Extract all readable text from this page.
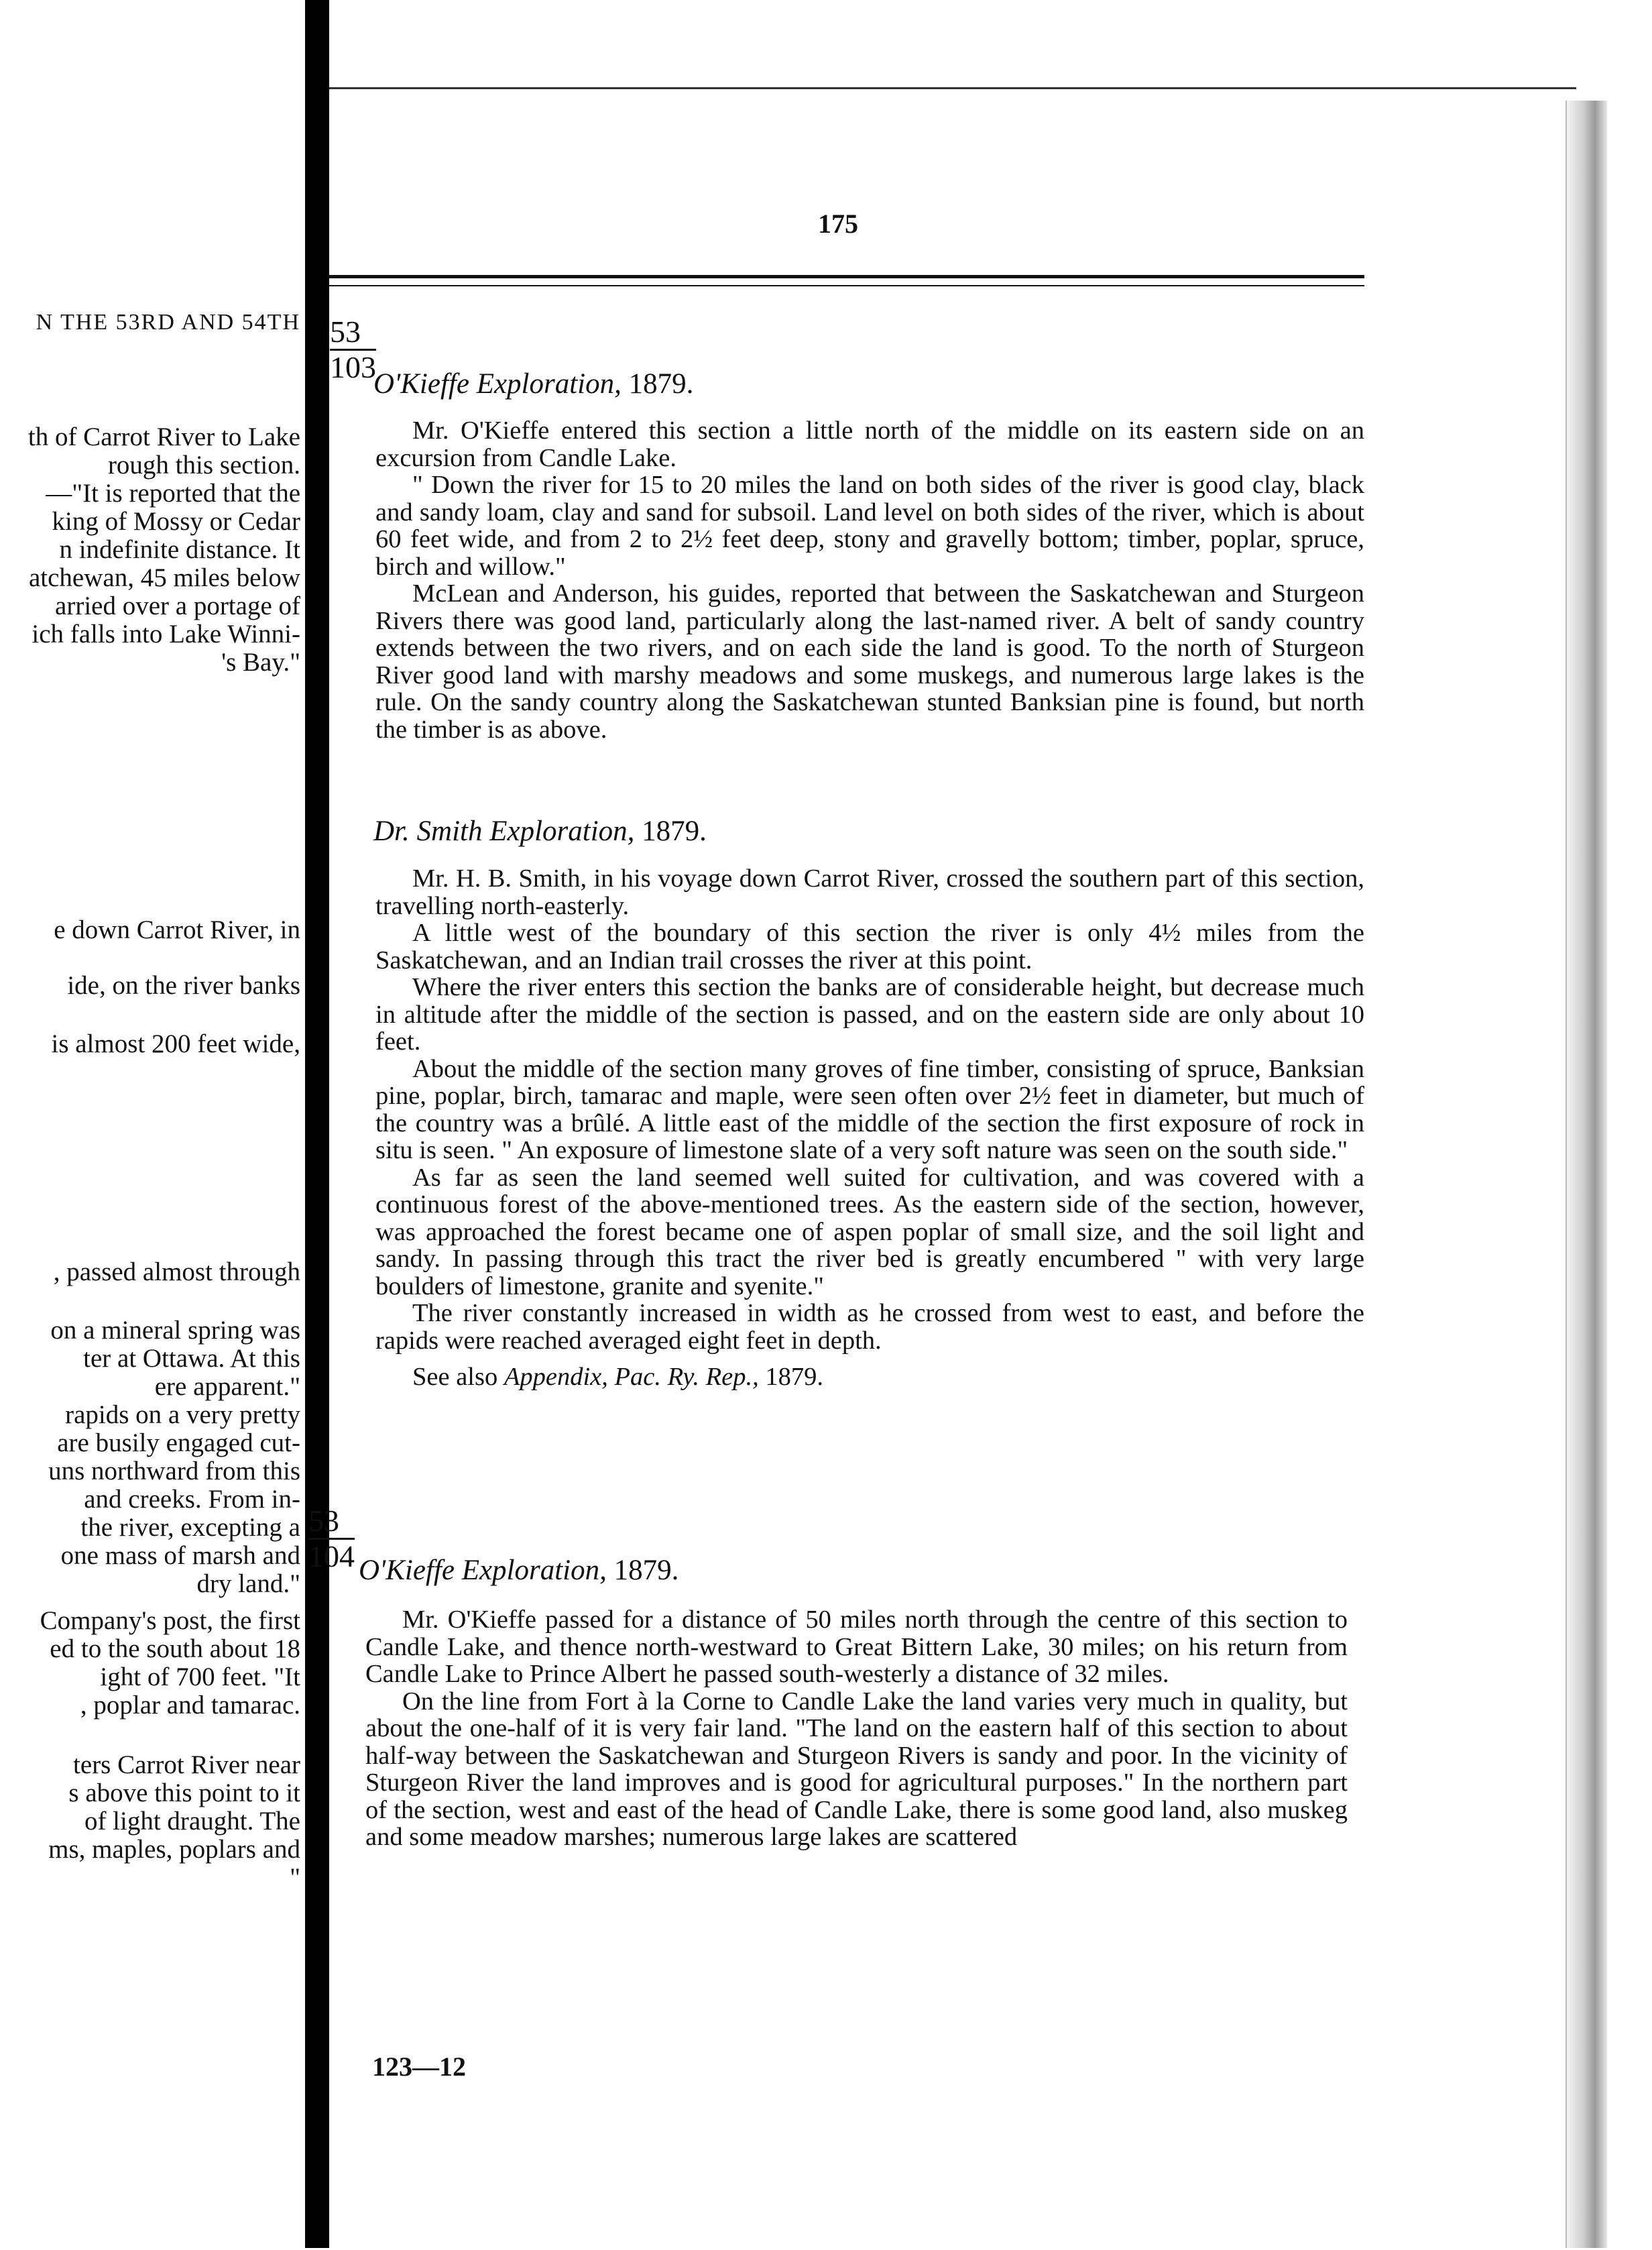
N THE 53RD AND 54TH
th of Carrot River to Lake
rough this section.
—"It is reported that the
king of Mossy or Cedar
n indefinite distance. It
atchewan, 45 miles below
arried over a portage of
ich falls into Lake Winni-
's Bay."
e down Carrot River, in
ide, on the river banks
is almost 200 feet wide,
, passed almost through
on a mineral spring was
ter at Ottawa. At this
ere apparent."
rapids on a very pretty
are busily engaged cut-
uns northward from this
and creeks. From in-
the river, excepting a
one mass of marsh and
dry land."
Company's post, the first
ed to the south about 18
ight of 700 feet. "It
, poplar and tamarac.
ters Carrot River near
s above this point to it
of light draught. The
ms, maples, poplars and
"
175
53
103
O'Kieffe Exploration, 1879.

Mr. O'Kieffe entered this section a little north of the middle on its eastern side on an excursion from Candle Lake.

" Down the river for 15 to 20 miles the land on both sides of the river is good clay, black and sandy loam, clay and sand for subsoil. Land level on both sides of the river, which is about 60 feet wide, and from 2 to 2½ feet deep, stony and gravelly bottom; timber, poplar, spruce, birch and willow."

McLean and Anderson, his guides, reported that between the Saskatchewan and Sturgeon Rivers there was good land, particularly along the last-named river. A belt of sandy country extends between the two rivers, and on each side the land is good. To the north of Sturgeon River good land with marshy meadows and some muskegs, and numerous large lakes is the rule. On the sandy country along the Saskatchewan stunted Banksian pine is found, but north the timber is as above.

Dr. Smith Exploration, 1879.

Mr. H. B. Smith, in his voyage down Carrot River, crossed the southern part of this section, travelling north-easterly.

A little west of the boundary of this section the river is only 4½ miles from the Saskatchewan, and an Indian trail crosses the river at this point.

Where the river enters this section the banks are of considerable height, but decrease much in altitude after the middle of the section is passed, and on the eastern side are only about 10 feet.

About the middle of the section many groves of fine timber, consisting of spruce, Banksian pine, poplar, birch, tamarac and maple, were seen often over 2½ feet in diameter, but much of the country was a brûlé. A little east of the middle of the section the first exposure of rock in situ is seen. " An exposure of limestone slate of a very soft nature was seen on the south side."

As far as seen the land seemed well suited for cultivation, and was covered with a continuous forest of the above-mentioned trees. As the eastern side of the section, however, was approached the forest became one of aspen poplar of small size, and the soil light and sandy. In passing through this tract the river bed is greatly encumbered " with very large boulders of limestone, granite and syenite."

The river constantly increased in width as he crossed from west to east, and before the rapids were reached averaged eight feet in depth.

See also Appendix, Pac. Ry. Rep., 1879.

53
104 O'Kieffe Exploration, 1879.

Mr. O'Kieffe passed for a distance of 50 miles north through the centre of this section to Candle Lake, and thence north-westward to Great Bittern Lake, 30 miles; on his return from Candle Lake to Prince Albert he passed south-westerly a distance of 32 miles.

On the line from Fort à la Corne to Candle Lake the land varies very much in quality, but about the one-half of it is very fair land. "The land on the eastern half of this section to about half-way between the Saskatchewan and Sturgeon Rivers is sandy and poor. In the vicinity of Sturgeon River the land improves and is good for agricultural purposes." In the northern part of the section, west and east of the head of Candle Lake, there is some good land, also muskeg and some meadow marshes; numerous large lakes are scattered

123—12
